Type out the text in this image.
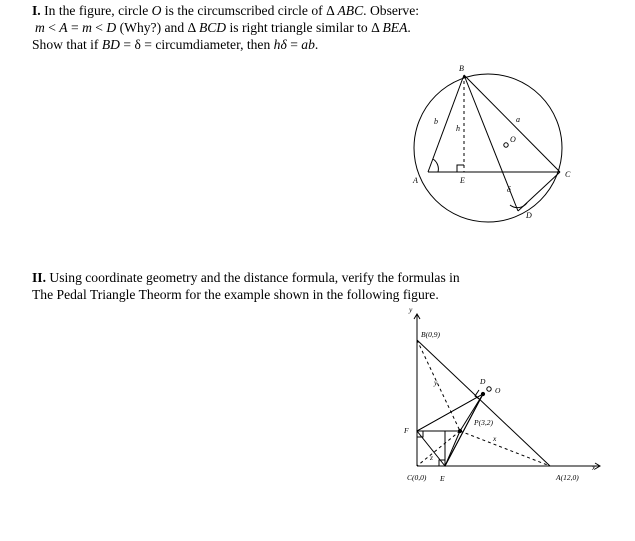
I. In the figure, circle O is the circumscribed circle of Δ ABC. Observe:
m < A = m < D (Why?) and Δ BCD is right triangle similar to Δ BEA.
Show that if BD = δ = circumdiameter, then hδ = ab.
II. Using coordinate geometry and the distance formula, verify the formulas in
The Pedal Triangle Theorm for the example shown in the following figure.
B
A
C
D
E
O
a
b
h
δ
y
x
B(0,9)
C(0,0)	A(12,0)
P(3,2)
D
O
F
E
y
x
z
